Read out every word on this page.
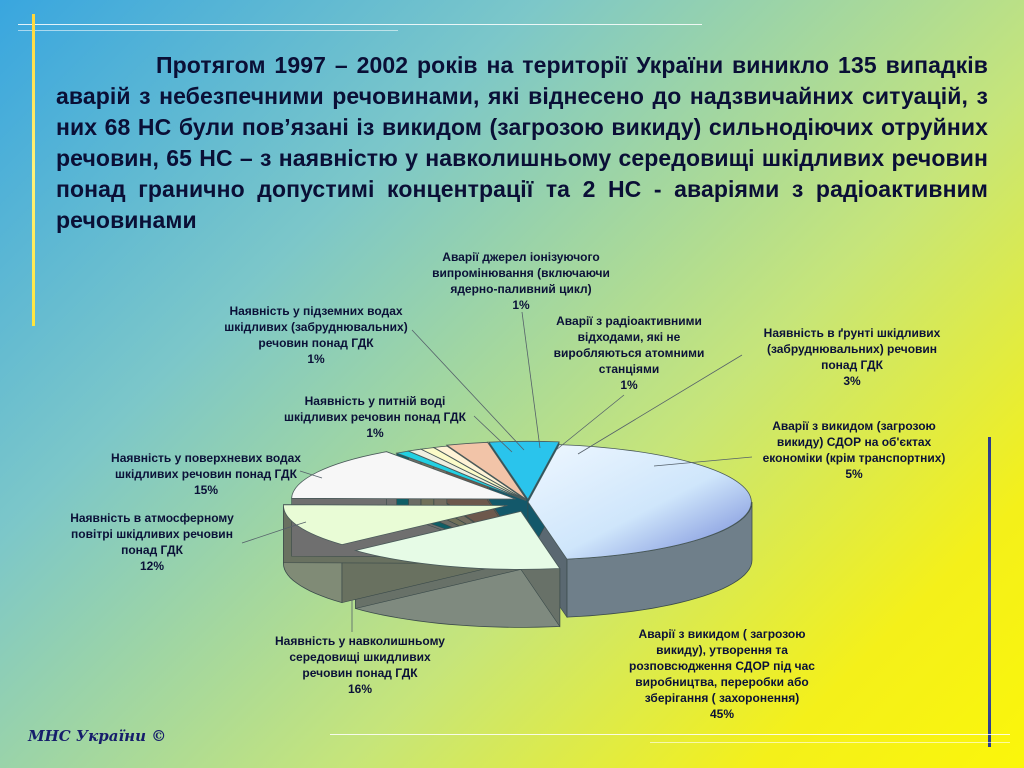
Протягом 1997 – 2002 років на території України виникло 135 випадків аварій з небезпечними речовинами, які віднесено до надзвичайних ситуацій, з них 68 НС були пов’язані із викидом (загрозою викиду) сильнодіючих отруйних речовин, 65 НС – з наявністю у навколишньому середовищі шкідливих речовин понад гранично допустимі концентрації та 2 НС - аваріями з радіоактивним речовинами
Аварії з викидом ( загрозою
викиду), утворення та
розповсюдження СДОР під час
виробництва, переробки або
зберігання ( захоронення)
45%
Наявність у навколишньому
середовищі шкидливих
речовин понад ГДК
16%
Наявність в атмосферному
повітрі шкідливих речовин
понад ГДК
12%
Наявність у поверхневих водах
шкідливих речовин понад ГДК
15%
Наявність у питній воді
шкідливих речовин понад ГДК
1%
Наявність у підземних водах
шкідливих (забруднювальних)
речовин понад ГДК
1%
Аварії джерел іонізуючого
випромінювання (включаючи
ядерно-паливний цикл)
1%
Аварії з радіоактивними
відходами, які не
виробляються атомними
станціями
1%
Наявність в ґрунті шкідливих
(забруднювальних) речовин
понад ГДК
3%
Аварії з викидом (загрозою
викиду) СДОР на об'єктах
економіки (крім транспортних)
5%
МНС України ©
